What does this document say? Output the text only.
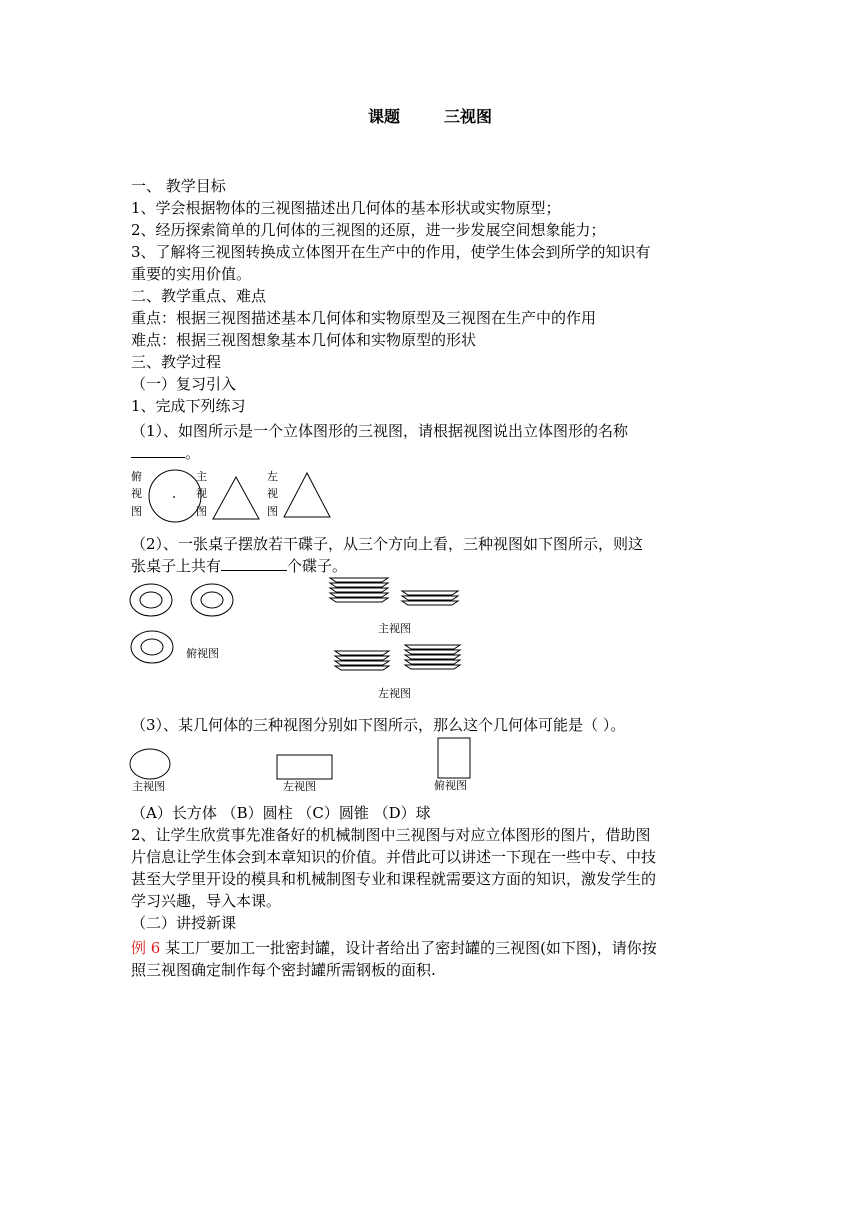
课题	三视图
一、 教学目标
1、学会根据物体的三视图描述出几何体的基本形状或实物原型；
2、经历探索简单的几何体的三视图的还原，进一步发展空间想象能力；
3、了解将三视图转换成立体图开在生产中的作用，使学生体会到所学的知识有
重要的实用价值。
二、教学重点、难点
重点：根据三视图描述基本几何体和实物原型及三视图在生产中的作用
难点：根据三视图想象基本几何体和实物原型的形状
三、教学过程
（一）复习引入
1、完成下列练习
（1）、如图所示是一个立体图形的三视图，请根据视图说出立体图形的名称
。
俯
视
图
主
视
图
左
视
图
（2）、一张桌子摆放若干碟子，从三个方向上看，三种视图如下图所示，则这
张桌子上共有	个碟子。
俯视图
主视图
左视图
（3）、某几何体的三种视图分别如下图所示，那么这个几何体可能是（ ）。
主视图	左视图	俯视图
（A）长方体 （B）圆柱 （C）圆锥 （D）球
2、让学生欣赏事先准备好的机械制图中三视图与对应立体图形的图片，借助图
片信息让学生体会到本章知识的价值。并借此可以讲述一下现在一些中专、中技
甚至大学里开设的模具和机械制图专业和课程就需要这方面的知识，激发学生的
学习兴趣，导入本课。
（二）讲授新课
例 6 某工厂要加工一批密封罐，设计者给出了密封罐的三视图(如下图)，请你按
照三视图确定制作每个密封罐所需钢板的面积.
